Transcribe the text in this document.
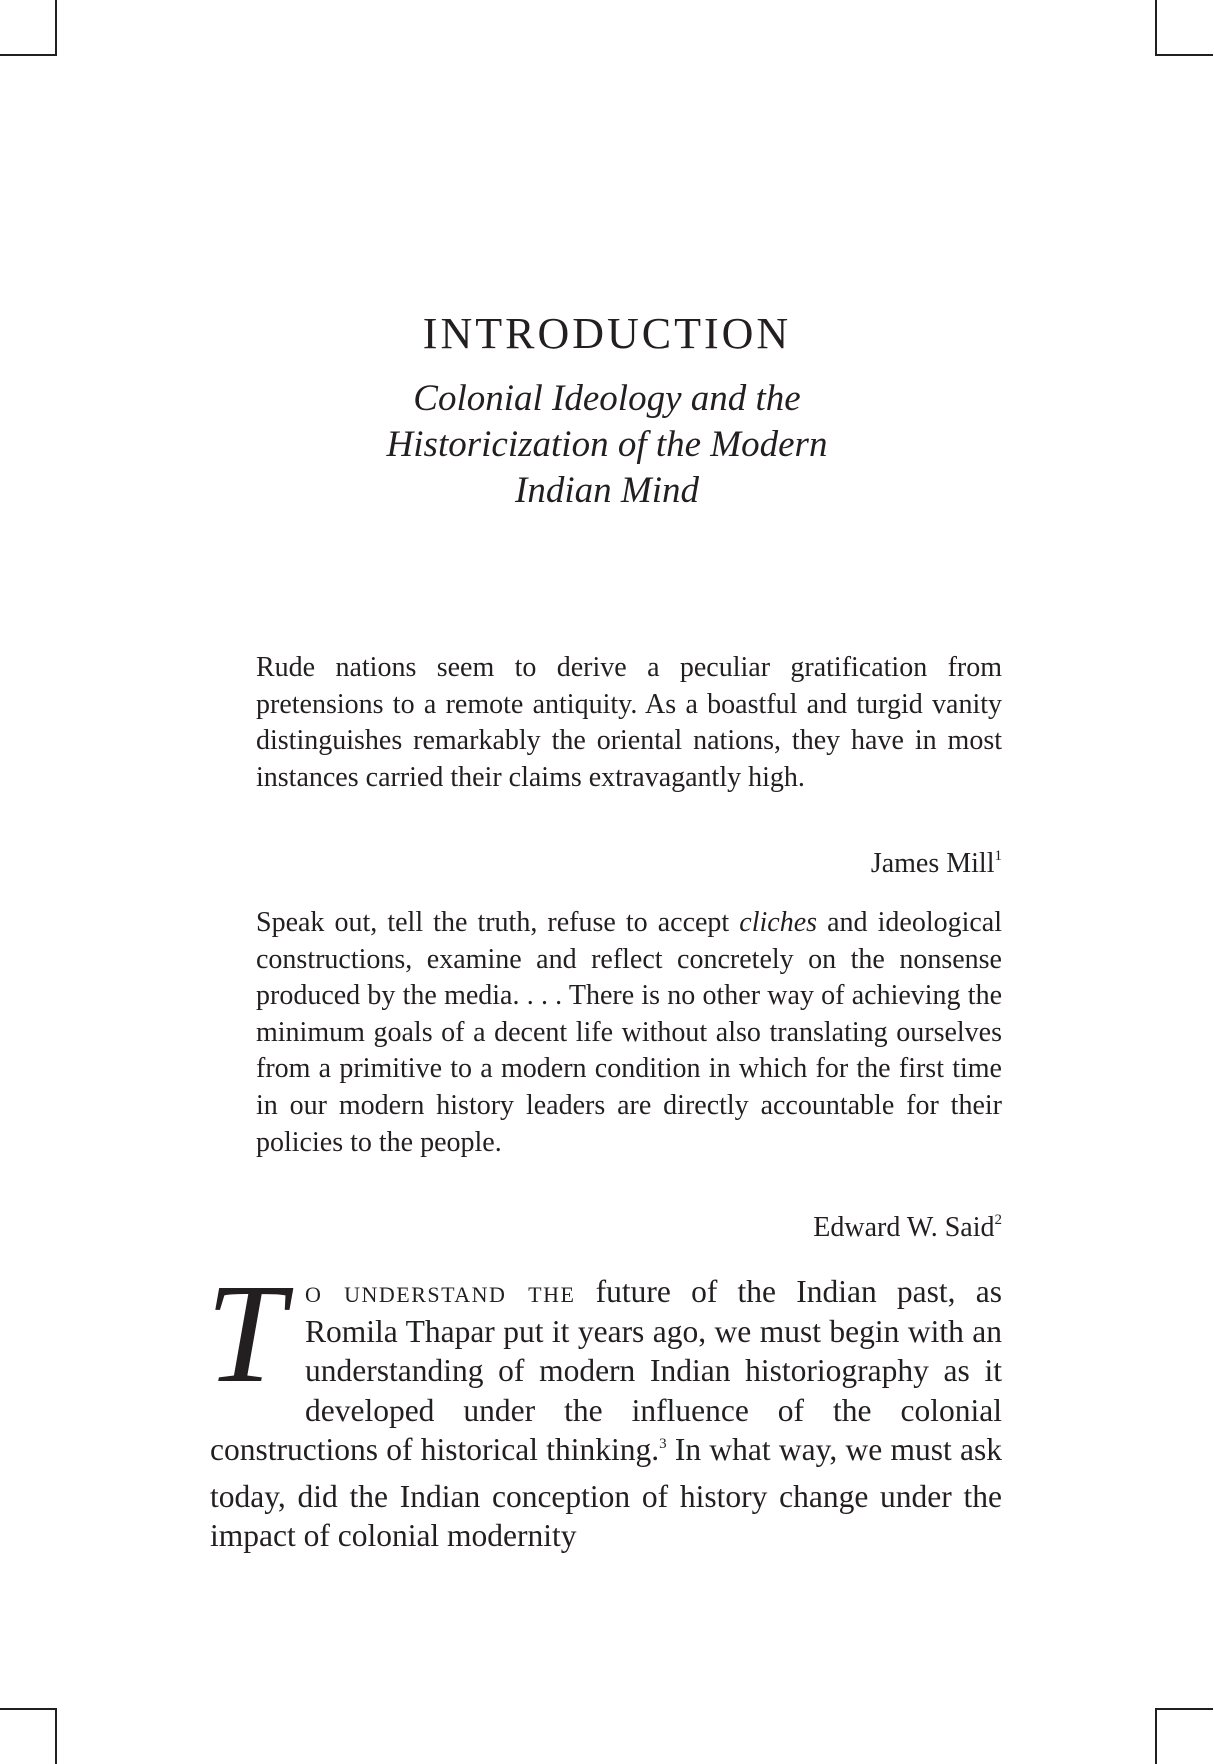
INTRODUCTION
Colonial Ideology and the
Historicization of the Modern
Indian Mind

Rude nations seem to derive a peculiar gratification from pretensions to a remote antiquity. As a boastful and turgid vanity distinguishes remarkably the oriental nations, they have in most instances carried their claims extravagantly high.

James Mill$^1$

Speak out, tell the truth, refuse to accept cliches and ideological constructions, examine and reflect concretely on the nonsense produced by the media. . . . There is no other way of achieving the minimum goals of a decent life without also translating ourselves from a primitive to a modern condition in which for the first time in our modern history leaders are directly accountable for their policies to the people.

Edward W. Said$^2$
To understand the future of the Indian past, as Romila Thapar put it years ago, we must begin with an understanding of modern Indian historiography as it developed under the influence of the colonial constructions of historical thinking.$^3$ In what way, we must ask today, did the Indian conception of history change under the impact of colonial modernity
